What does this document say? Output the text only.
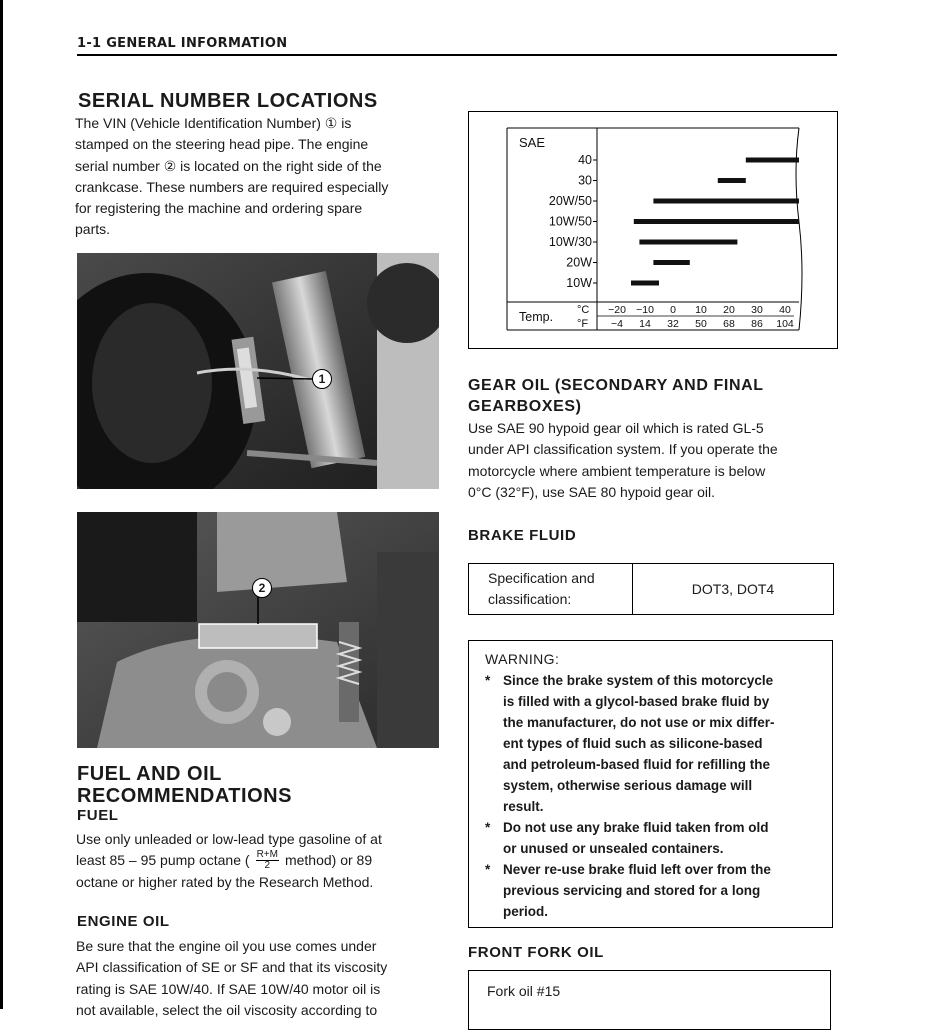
1-1 GENERAL INFORMATION
SERIAL NUMBER LOCATIONS
The VIN (Vehicle Identification Number) ① is
stamped on the steering head pipe. The engine
serial number ② is located on the right side of the
crankcase. These numbers are required especially
for registering the machine and ordering spare
parts.
1
2
FUEL AND OIL
RECOMMENDATIONS
FUEL
Use only unleaded or low-lead type gasoline of at
least 85 – 95 pump octane ( $\frac{R+M}{2}$ method) or 89
octane or higher rated by the Research Method.
ENGINE OIL
Be sure that the engine oil you use comes under
API classification of SE or SF and that its viscosity
rating is SAE 10W/40. If SAE 10W/40 motor oil is
not available, select the oil viscosity according to
SAE
40
30
20W/50
10W/50
10W/30
20W
10W
Temp. °C
°F
−20 −10 0 10 20 30 40
−4 14 32 50 68 86 104
GEAR OIL (SECONDARY AND FINAL
GEARBOXES)
Use SAE 90 hypoid gear oil which is rated GL-5
under API classification system. If you operate the
motorcycle where ambient temperature is below
0°C (32°F), use SAE 80 hypoid gear oil.
BRAKE FLUID
Specification and
classification:
	DOT3, DOT4
WARNING:
* Since the brake system of this motorcycle
is filled with a glycol-based brake fluid by
the manufacturer, do not use or mix differ-
ent types of fluid such as silicone-based
and petroleum-based fluid for refilling the
system, otherwise serious damage will
result.
* Do not use any brake fluid taken from old
or unused or unsealed containers.
* Never re-use brake fluid left over from the
previous servicing and stored for a long
period.
FRONT FORK OIL
Fork oil #15
